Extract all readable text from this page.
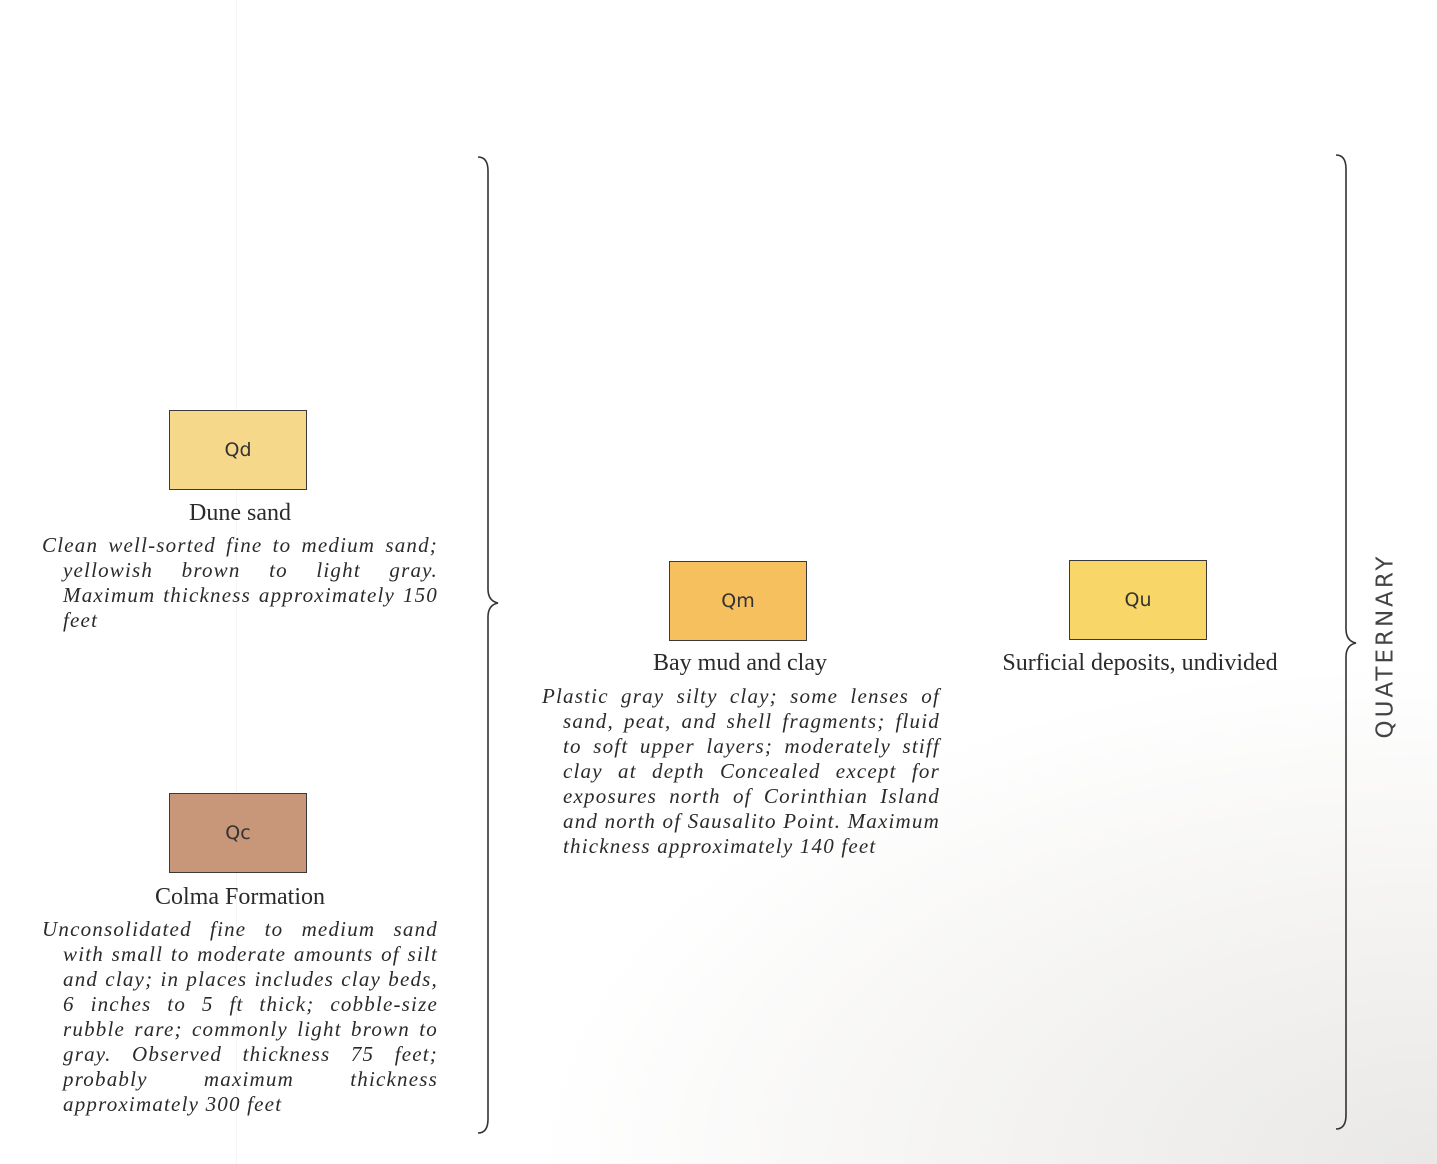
Qd
Dune sand

Clean well-sorted fine to medium sand; yellowish brown to light gray. Maximum thickness approximately 150 feet

Qc
Colma Formation

Unconsolidated fine to medium sand with small to moderate amounts of silt and clay; in places includes clay beds, 6 inches to 5 ft thick; cobble-size rubble rare; commonly light brown to gray. Observed thickness 75 feet; probably maximum thickness approximately 300 feet

Qm
Bay mud and clay

Plastic gray silty clay; some lenses of sand, peat, and shell fragments; fluid to soft upper layers; moderately stiff clay at depth Concealed except for exposures north of Corinthian Island and north of Sausalito Point. Maximum thickness approximately 140 feet

Qu
Surficial deposits, undivided	QUATERNARY
